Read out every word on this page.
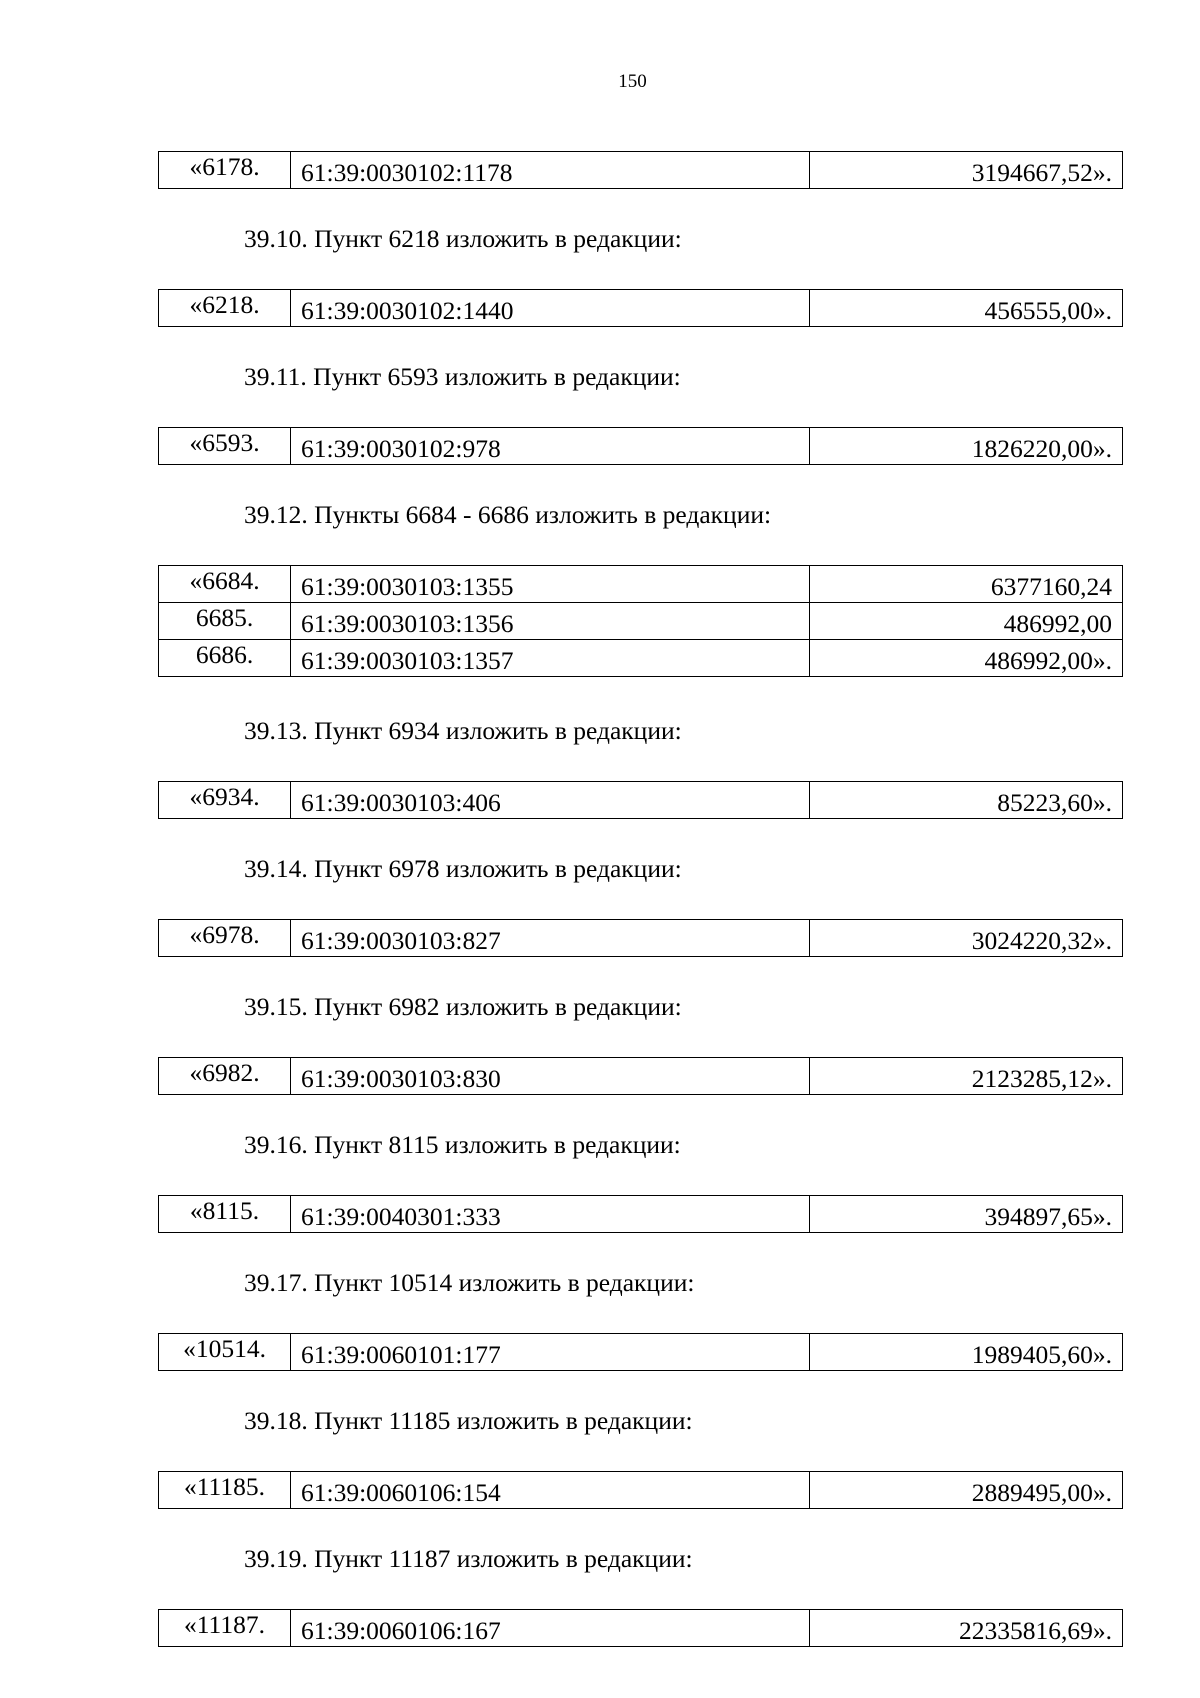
150
«6178.	61:39:0030102:1178	3194667,52».
39.10. Пункт 6218 изложить в редакции:
«6218.	61:39:0030102:1440	456555,00».
39.11. Пункт 6593 изложить в редакции:
«6593.	61:39:0030102:978	1826220,00».
39.12. Пункты 6684 - 6686 изложить в редакции:
«6684.	61:39:0030103:1355	6377160,24
6685.	61:39:0030103:1356	486992,00
6686.	61:39:0030103:1357	486992,00».
39.13. Пункт 6934 изложить в редакции:
«6934.	61:39:0030103:406	85223,60».
39.14. Пункт 6978 изложить в редакции:
«6978.	61:39:0030103:827	3024220,32».
39.15. Пункт 6982 изложить в редакции:
«6982.	61:39:0030103:830	2123285,12».
39.16. Пункт 8115 изложить в редакции:
«8115.	61:39:0040301:333	394897,65».
39.17. Пункт 10514 изложить в редакции:
«10514.	61:39:0060101:177	1989405,60».
39.18. Пункт 11185 изложить в редакции:
«11185.	61:39:0060106:154	2889495,00».
39.19. Пункт 11187 изложить в редакции:
«11187.	61:39:0060106:167	22335816,69».
